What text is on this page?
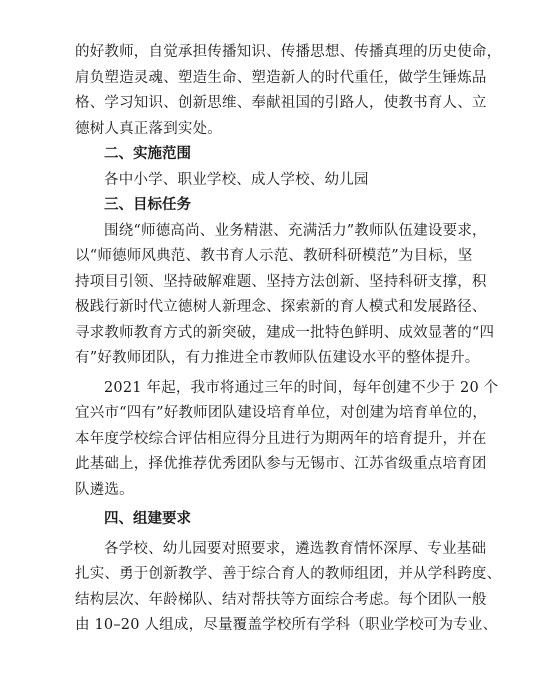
的好教师，自觉承担传播知识、传播思想、传播真理的历史使命，
肩负塑造灵魂、塑造生命、塑造新人的时代重任，做学生锤炼品
格、学习知识、创新思维、奉献祖国的引路人，使教书育人、立
德树人真正落到实处。
二、实施范围
各中小学、职业学校、成人学校、幼儿园
三、目标任务
围绕“师德高尚、业务精湛、充满活力”教师队伍建设要求，
以“师德师风典范、教书育人示范、教研科研模范”为目标，坚
持项目引领、坚持破解难题、坚持方法创新、坚持科研支撑，积
极践行新时代立德树人新理念、探索新的育人模式和发展路径、
寻求教师教育方式的新突破，建成一批特色鲜明、成效显著的“四
有”好教师团队，有力推进全市教师队伍建设水平的整体提升。
2021 年起，我市将通过三年的时间，每年创建不少于 20 个
宜兴市“四有”好教师团队建设培育单位，对创建为培育单位的，
本年度学校综合评估相应得分且进行为期两年的培育提升，并在
此基础上，择优推荐优秀团队参与无锡市、江苏省级重点培育团
队遴选。
四、组建要求
各学校、幼儿园要对照要求，遴选教育情怀深厚、专业基础
扎实、勇于创新教学、善于综合育人的教师组团，并从学科跨度、
结构层次、年龄梯队、结对帮扶等方面综合考虑。每个团队一般
由 10–20 人组成，尽量覆盖学校所有学科（职业学校可为专业、
